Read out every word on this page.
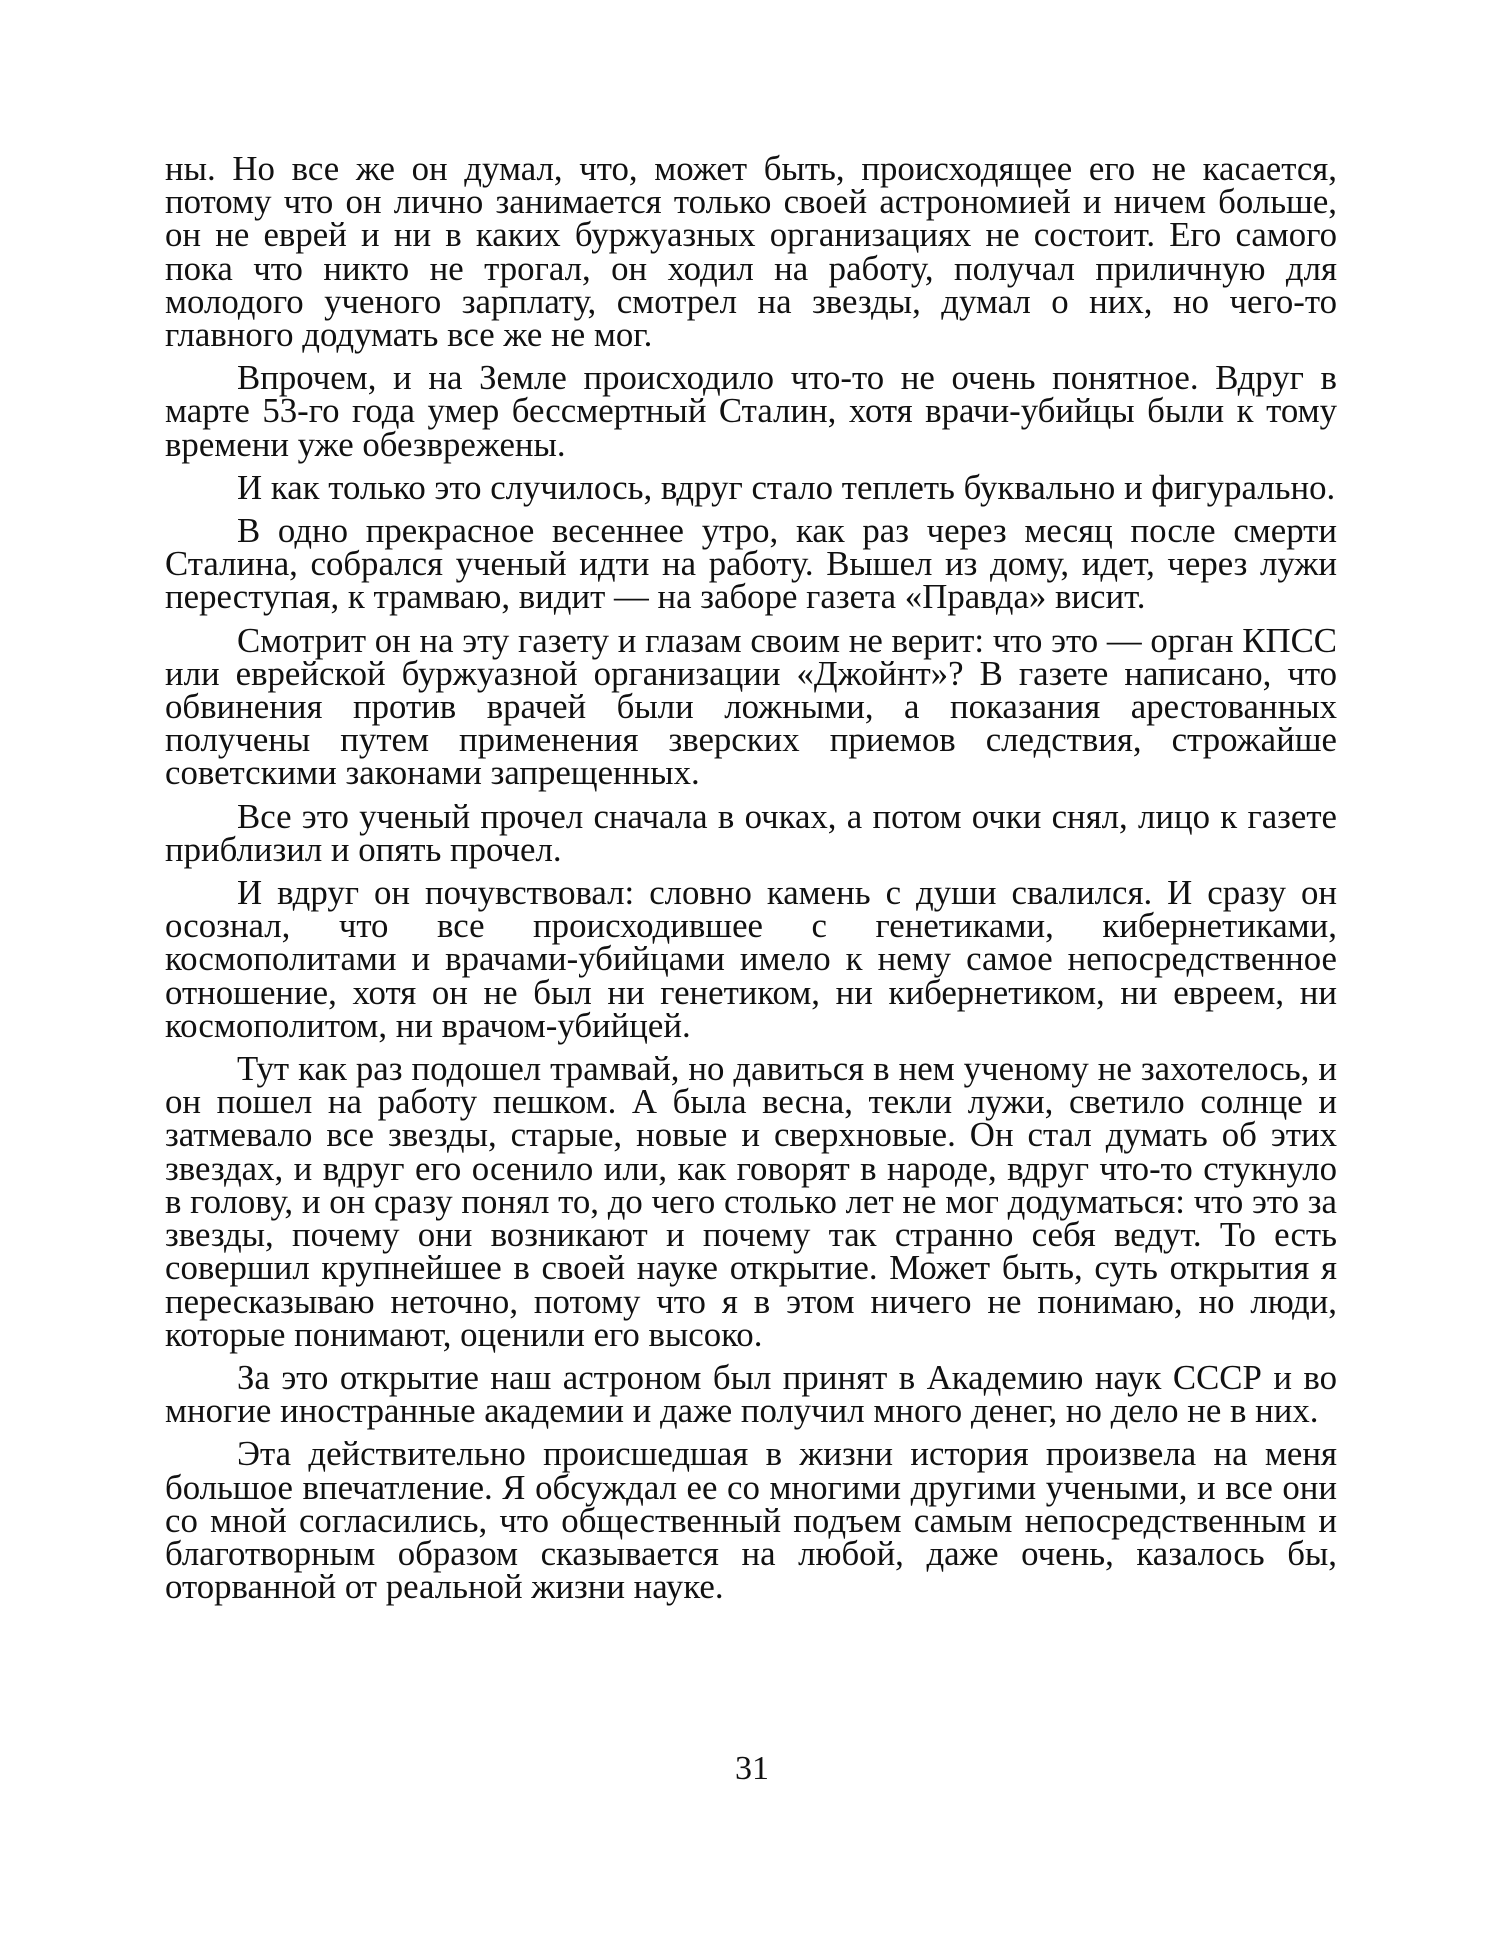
ны. Но все же он думал, что, может быть, происходящее его не касается, потому что он лично занимается только своей астрономией и ничем больше, он не еврей и ни в каких буржуазных организациях не состоит. Его самого пока что никто не трогал, он ходил на работу, получал приличную для молодого ученого зарплату, смотрел на звезды, думал о них, но чего-то главного додумать все же не мог.

Впрочем, и на Земле происходило что-то не очень понятное. Вдруг в марте 53-го года умер бессмертный Сталин, хотя врачи-убийцы были к тому времени уже обезврежены.

И как только это случилось, вдруг стало теплеть буквально и фигурально.

В одно прекрасное весеннее утро, как раз через месяц после смерти Сталина, собрался ученый идти на работу. Вышел из дому, идет, через лужи переступая, к трамваю, видит — на заборе газета «Правда» висит.

Смотрит он на эту газету и глазам своим не верит: что это — орган КПСС или еврейской буржуазной организации «Джойнт»? В газете написано, что обвинения против врачей были ложными, а показания арестованных получены путем применения зверских приемов следствия, строжайше советскими законами запрещенных.

Все это ученый прочел сначала в очках, а потом очки снял, лицо к газете приблизил и опять прочел.

И вдруг он почувствовал: словно камень с души свалился. И сразу он осознал, что все происходившее с генетиками, кибернетиками, космополитами и врачами-убийцами имело к нему самое непосредственное отношение, хотя он не был ни генетиком, ни кибернетиком, ни евреем, ни космополитом, ни врачом-убийцей.

Тут как раз подошел трамвай, но давиться в нем ученому не захотелось, и он пошел на работу пешком. А была весна, текли лужи, светило солнце и затмевало все звезды, старые, новые и сверхновые. Он стал думать об этих звездах, и вдруг его осенило или, как говорят в народе, вдруг что-то стукнуло в голову, и он сразу понял то, до чего столько лет не мог додуматься: что это за звезды, почему они возникают и почему так странно себя ведут. То есть совершил крупнейшее в своей науке открытие. Может быть, суть открытия я пересказываю неточно, потому что я в этом ничего не понимаю, но люди, которые понимают, оценили его высоко.

За это открытие наш астроном был принят в Академию наук СССР и во многие иностранные академии и даже получил много денег, но дело не в них.

Эта действительно происшедшая в жизни история произвела на меня большое впечатление. Я обсуждал ее со многими другими учеными, и все они со мной согласились, что общественный подъем самым непосредственным и благотворным образом сказывается на любой, даже очень, казалось бы, оторванной от реальной жизни науке.

31
